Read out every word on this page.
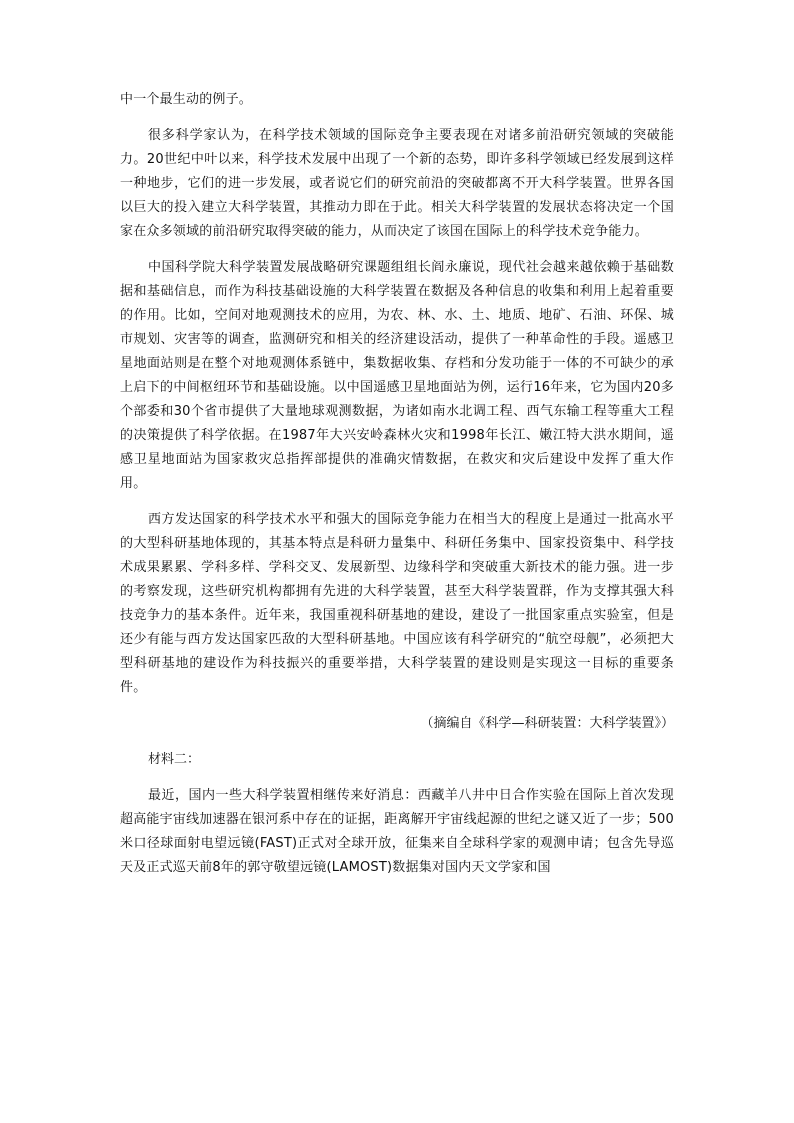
中一个最生动的例子。

很多科学家认为，在科学技术领域的国际竞争主要表现在对诸多前沿研究领域的突破能力。20世纪中叶以来，科学技术发展中出现了一个新的态势，即许多科学领域已经发展到这样一种地步，它们的进一步发展，或者说它们的研究前沿的突破都离不开大科学装置。世界各国以巨大的投入建立大科学装置，其推动力即在于此。相关大科学装置的发展状态将决定一个国家在众多领域的前沿研究取得突破的能力，从而决定了该国在国际上的科学技术竞争能力。

中国科学院大科学装置发展战略研究课题组组长阎永廉说，现代社会越来越依赖于基础数据和基础信息，而作为科技基础设施的大科学装置在数据及各种信息的收集和利用上起着重要的作用。比如，空间对地观测技术的应用，为农、林、水、土、地质、地矿、石油、环保、城市规划、灾害等的调查，监测研究和相关的经济建设活动，提供了一种革命性的手段。遥感卫星地面站则是在整个对地观测体系链中，集数据收集、存档和分发功能于一体的不可缺少的承上启下的中间枢纽环节和基础设施。以中国遥感卫星地面站为例，运行16年来，它为国内20多个部委和30个省市提供了大量地球观测数据，为诸如南水北调工程、西气东输工程等重大工程的决策提供了科学依据。在1987年大兴安岭森林火灾和1998年长江、嫩江特大洪水期间，遥感卫星地面站为国家救灾总指挥部提供的准确灾情数据，在救灾和灾后建设中发挥了重大作用。

西方发达国家的科学技术水平和强大的国际竞争能力在相当大的程度上是通过一批高水平的大型科研基地体现的，其基本特点是科研力量集中、科研任务集中、国家投资集中、科学技术成果累累、学科多样、学科交叉、发展新型、边缘科学和突破重大新技术的能力强。进一步的考察发现，这些研究机构都拥有先进的大科学装置，甚至大科学装置群，作为支撑其强大科技竞争力的基本条件。近年来，我国重视科研基地的建设，建设了一批国家重点实验室，但是还少有能与西方发达国家匹敌的大型科研基地。中国应该有科学研究的“航空母舰”，必须把大型科研基地的建设作为科技振兴的重要举措，大科学装置的建设则是实现这一目标的重要条件。

（摘编自《科学—科研装置：大科学装置》）

材料二：

最近，国内一些大科学装置相继传来好消息：西藏羊八井中日合作实验在国际上首次发现超高能宇宙线加速器在银河系中存在的证据，距离解开宇宙线起源的世纪之谜又近了一步；500米口径球面射电望远镜(FAST)正式对全球开放，征集来自全球科学家的观测申请；包含先导巡天及正式巡天前8年的郭守敬望远镜(LAMOST)数据集对国内天文学家和国
